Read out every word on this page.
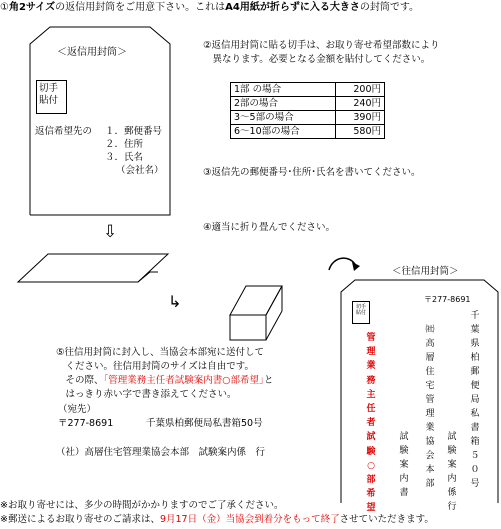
①角2サイズの返信用封筒をご用意下さい。これはA4用紙が折らずに入る大きさの封筒です。
＜返信用封筒＞
切手
貼付
返信希望先の １．郵便番号
２．住所
３．氏名
（会社名）
②返信用封筒に貼る切手は、お取り寄せ希望部数により
　異なります。必要となる金額を貼付してください。
1部 の場合	200円
2部の場合	240円
3～5部の場合	390円
6～10部の場合	580円
③返信先の郵便番号･住所･氏名を書いてください。
④適当に折り畳んでください。
⇩
↳
＜往信用封筒＞
⑤往信用封筒に封入し、当協会本部宛に送付して
　ください。往信用封筒のサイズは自由です。
　その際、｢管理業務主任者試験案内書○部希望｣と
　はっきり赤い字で書き添えてください。
（宛先）
〒277-8691	千葉県柏郵便局私書箱50号
（社）高層住宅管理業協会本部　試験案内係　行
切手貼付
〒277-8691
管理業務主任者試験○部希望
千葉県柏郵便局私書箱５０号
㈳高層住宅管理業協会本部
試験案内
書
試験案内係　行
※お取り寄せには、多少の時間がかかりますのでご了承ください。
※郵送によるお取り寄せのご請求は、9月17日（金）当協会到着分をもって終了させていただきます。
